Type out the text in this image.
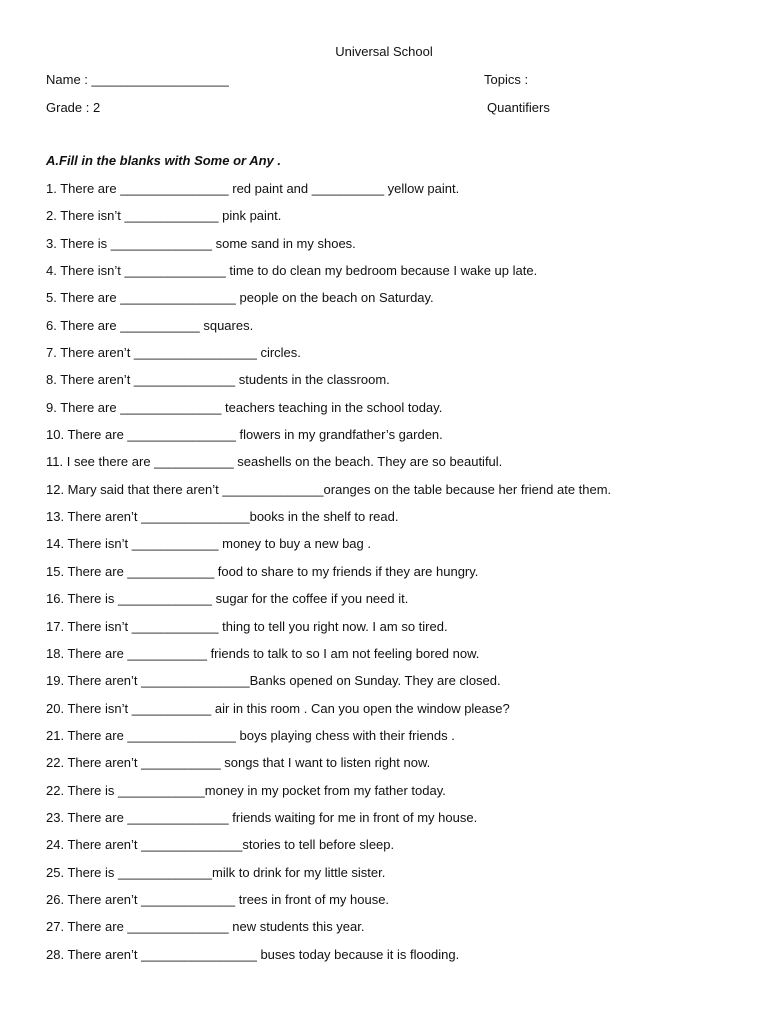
Universal School
Name : ___________________
Grade : 2
Topics :
Quantifiers
A.Fill in the blanks with Some or Any .
1. There are _______________ red paint and __________ yellow paint.
2. There isn’t _____________ pink paint.
3. There is ______________ some sand in my shoes.
4. There isn’t ______________ time to do clean my bedroom because I wake up late.
5. There are ________________ people on the beach on Saturday.
6. There are ___________ squares.
7. There aren’t _________________ circles.
8. There aren’t ______________ students in the classroom.
9. There are ______________ teachers teaching in the school today.
10. There are _______________ flowers in my grandfather’s garden.
11. I see there are ___________ seashells on the beach. They are so beautiful.
12. Mary said that there aren’t ______________oranges on the table because her friend ate them.
13. There aren’t _______________books in the shelf to read.
14. There isn’t ____________ money to buy a new bag .
15. There are ____________ food to share to my friends if they are hungry.
16. There is _____________ sugar for the coffee if you need it.
17. There isn’t ____________ thing to tell you right now. I am so tired.
18. There are ___________ friends to talk to so I am not feeling bored now.
19. There aren’t _______________Banks opened on Sunday. They are closed.
20. There isn’t ___________ air in this room . Can you open the window please?
21. There are _______________ boys playing chess with their friends .
22. There aren’t ___________ songs that I want to listen right now.
22. There is ____________money in my pocket from my father today.
23. There are ______________ friends waiting for me in front of my house.
24. There aren’t ______________stories to tell before sleep.
25. There is _____________milk to drink for my little sister.
26. There aren’t _____________ trees in front of my house.
27. There are ______________ new students this year.
28. There aren’t ________________ buses today because it is flooding.
